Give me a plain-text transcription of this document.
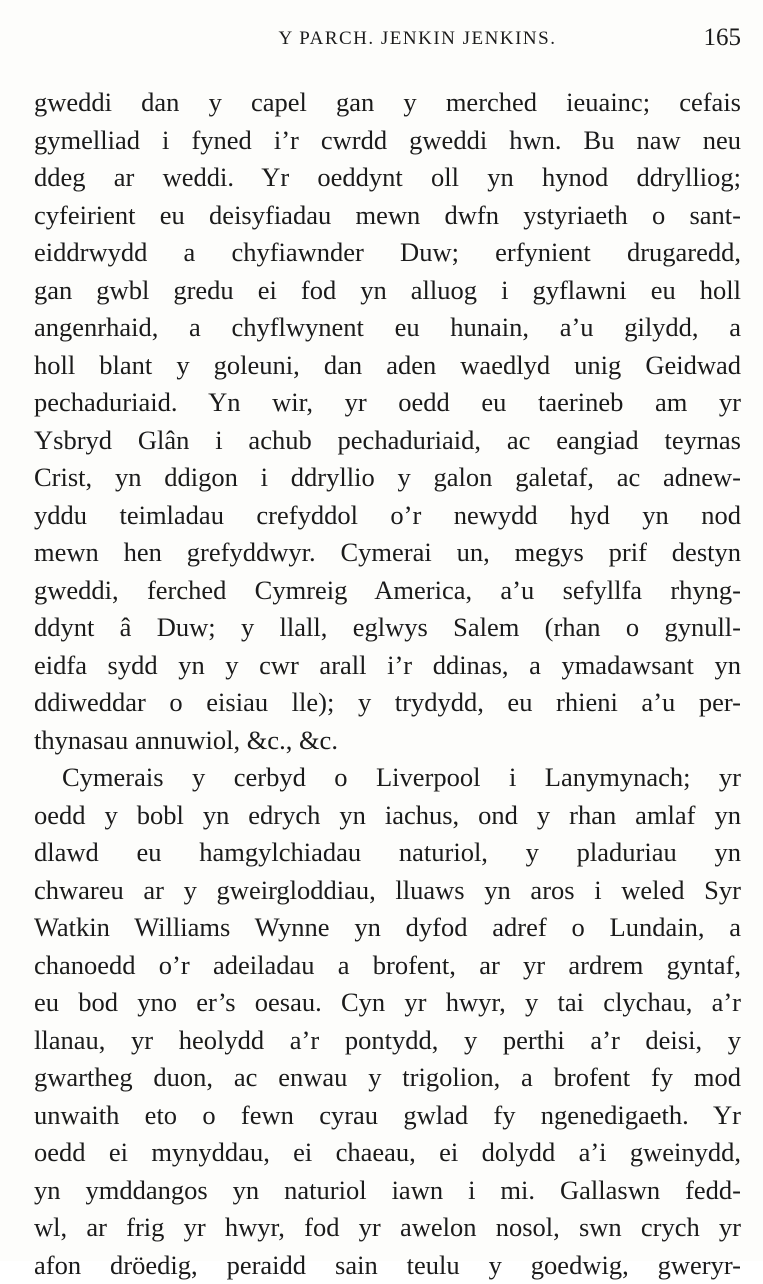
Y PARCH. JENKIN JENKINS.	165
gweddi dan y capel gan y merched ieuainc; cefais
gymelliad i fyned i’r cwrdd gweddi hwn. Bu naw neu
ddeg ar weddi. Yr oeddynt oll yn hynod ddrylliog;
cyfeirient eu deisyfiadau mewn dwfn ystyriaeth o sant-
eiddrwydd a chyfiawnder Duw; erfynient drugaredd,
gan gwbl gredu ei fod yn alluog i gyflawni eu holl
angenrhaid, a chyflwynent eu hunain, a’u gilydd, a
holl blant y goleuni, dan aden waedlyd unig Geidwad
pechaduriaid. Yn wir, yr oedd eu taerineb am yr
Ysbryd Glân i achub pechaduriaid, ac eangiad teyrnas
Crist, yn ddigon i ddryllio y galon galetaf, ac adnew-
yddu teimladau crefyddol o’r newydd hyd yn nod
mewn hen grefyddwyr. Cymerai un, megys prif destyn
gweddi, ferched Cymreig America, a’u sefyllfa rhyng-
ddynt â Duw; y llall, eglwys Salem (rhan o gynull-
eidfa sydd yn y cwr arall i’r ddinas, a ymadawsant yn
ddiweddar o eisiau lle); y trydydd, eu rhieni a’u per-
thynasau annuwiol, &c., &c.
Cymerais y cerbyd o Liverpool i Lanymynach; yr
oedd y bobl yn edrych yn iachus, ond y rhan amlaf yn
dlawd eu hamgylchiadau naturiol, y pladuriau yn
chwareu ar y gweirgloddiau, lluaws yn aros i weled Syr
Watkin Williams Wynne yn dyfod adref o Lundain, a
chanoedd o’r adeiladau a brofent, ar yr ardrem gyntaf,
eu bod yno er’s oesau. Cyn yr hwyr, y tai clychau, a’r
llanau, yr heolydd a’r pontydd, y perthi a’r deisi, y
gwartheg duon, ac enwau y trigolion, a brofent fy mod
unwaith eto o fewn cyrau gwlad fy ngenedigaeth. Yr
oedd ei mynyddau, ei chaeau, ei dolydd a’i gweinydd,
yn ymddangos yn naturiol iawn i mi. Gallaswn fedd-
wl, ar frig yr hwyr, fod yr awelon nosol, swn crych yr
afon dröedig, peraidd sain teulu y goedwig, gweryr-
